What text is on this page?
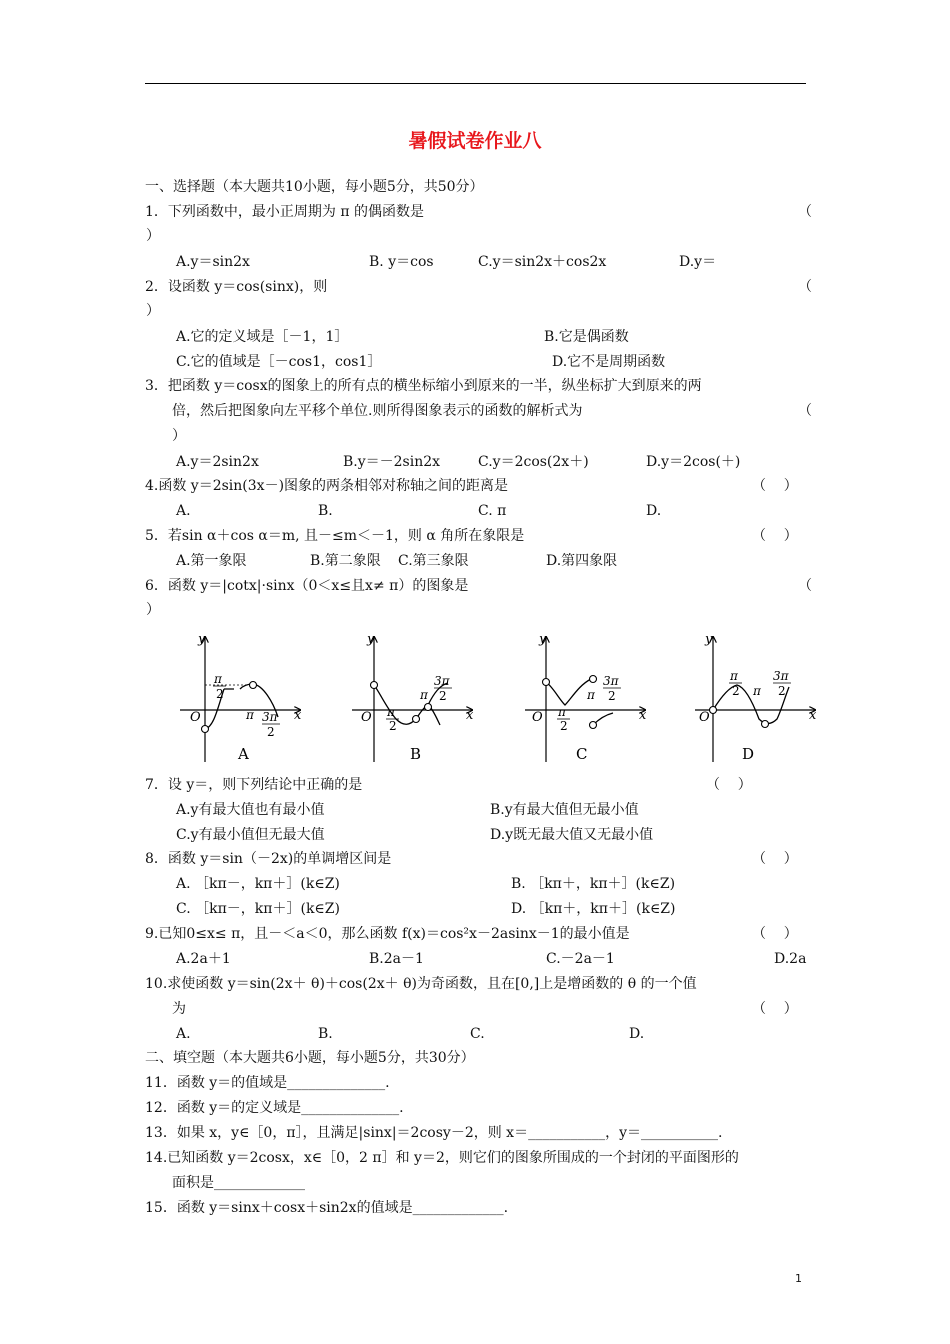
暑假试卷作业八
一、选择题（本大题共10小题，每小题5分，共50分）
1．下列函数中，最小正周期为 π 的偶函数是	（
）
A.y＝sin2x	B. y＝cos	C.y＝sin2x＋cos2x	D.y＝
2．设函数 y＝cos(sinx)，则	（
）
A.它的定义域是［－1，1］	B.它是偶函数
C.它的值域是［－cos1，cos1］	D.它不是周期函数
3．把函数 y＝cosx的图象上的所有点的横坐标缩小到原来的一半，纵坐标扩大到原来的两
倍，然后把图象向左平移个单位.则所得图象表示的函数的解析式为	（
）
A.y＝2sin2x	B.y＝－2sin2x	C.y＝2cos(2x＋)	D.y＝2cos(＋)
4.函数 y＝2sin(3x－)图象的两条相邻对称轴之间的距离是	（    ）
A.	B.	C. π	D.
5．若sin α＋cos α＝m, 且－≤m＜－1，则 α 角所在象限是	（    ）
A.第一象限	B.第二象限 C.第三象限	D.第四象限
6．函数 y＝|cotx|·sinx（0＜x≤且x≠ π）的图象是	（
）
y
x
O
π
2
π 3π
2
A
y
x
O π
2
π
3π
2
B
y
x
O π
2
π
3π
2
C
y
x
O
π
2 π
3π
2
D
7．设 y＝，则下列结论中正确的是	（    ）
A.y有最大值也有最小值	B.y有最大值但无最小值
C.y有最小值但无最大值	D.y既无最大值又无最小值
8．函数 y＝sin（－2x)的单调增区间是	（    ）
A. ［kπ－，kπ＋］(k∈Z)	B. ［kπ＋，kπ＋］(k∈Z)
C. ［kπ－，kπ＋］(k∈Z)	D. ［kπ＋，kπ＋］(k∈Z)
9.已知0≤x≤ π，且－＜a＜0，那么函数 f(x)＝cos²x－2asinx－1的最小值是	（    ）
A.2a＋1	B.2a－1	C.－2a－1	D.2a
10.求使函数 y＝sin(2x＋ θ)＋cos(2x＋ θ)为奇函数，且在[0,]上是增函数的 θ 的一个值
为	（    ）
A.	B.	C.	D.
二、填空题（本大题共6小题，每小题5分，共30分）
11．函数 y＝的值域是______________.
12．函数 y＝的定义域是______________.
13．如果 x，y∈［0，π］，且满足|sinx|＝2cosy－2，则 x＝___________，y＝___________.
14.已知函数 y＝2cosx，x∈［0，2 π］和 y＝2，则它们的图象所围成的一个封闭的平面图形的
面积是_____________
15．函数 y＝sinx＋cosx＋sin2x的值域是_____________.
1
